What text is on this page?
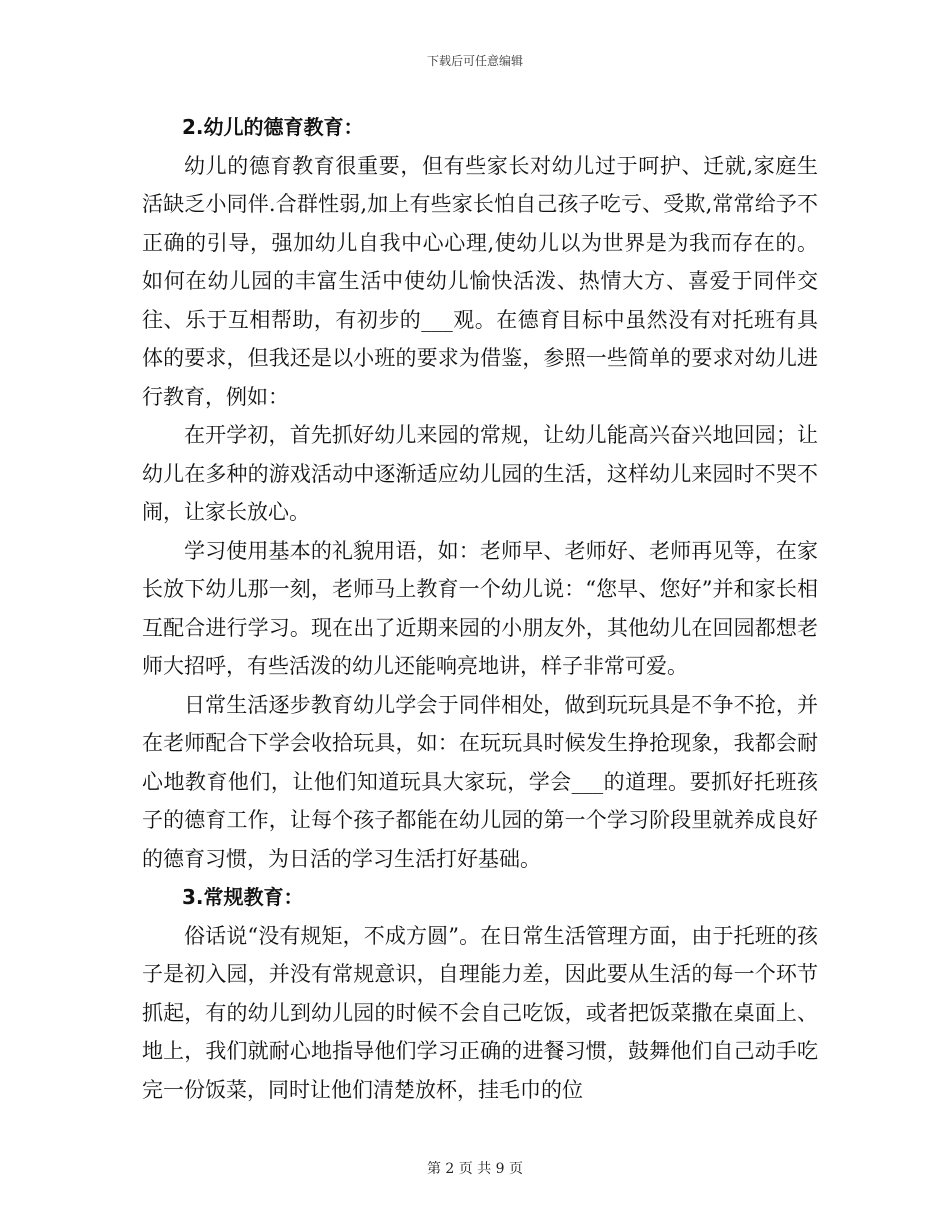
下载后可任意编辑

2.幼儿的德育教育：

幼儿的德育教育很重要，但有些家长对幼儿过于呵护、迁就,家庭生活缺乏小同伴.合群性弱,加上有些家长怕自己孩子吃亏、受欺,常常给予不正确的引导，强加幼儿自我中心心理,使幼儿以为世界是为我而存在的。如何在幼儿园的丰富生活中使幼儿愉快活泼、热情大方、喜爱于同伴交往、乐于互相帮助，有初步的___观。在德育目标中虽然没有对托班有具体的要求，但我还是以小班的要求为借鉴，参照一些简单的要求对幼儿进行教育，例如：

在开学初，首先抓好幼儿来园的常规，让幼儿能高兴奋兴地回园；让幼儿在多种的游戏活动中逐渐适应幼儿园的生活，这样幼儿来园时不哭不闹，让家长放心。

学习使用基本的礼貌用语，如：老师早、老师好、老师再见等，在家长放下幼儿那一刻，老师马上教育一个幼儿说：“您早、您好”并和家长相互配合进行学习。现在出了近期来园的小朋友外，其他幼儿在回园都想老师大招呼，有些活泼的幼儿还能响亮地讲，样子非常可爱。

日常生活逐步教育幼儿学会于同伴相处，做到玩玩具是不争不抢，并在老师配合下学会收拾玩具，如：在玩玩具时候发生挣抢现象，我都会耐心地教育他们，让他们知道玩具大家玩，学会___的道理。要抓好托班孩子的德育工作，让每个孩子都能在幼儿园的第一个学习阶段里就养成良好的德育习惯，为日活的学习生活打好基础。

3.常规教育：

俗话说“没有规矩，不成方圆”。在日常生活管理方面，由于托班的孩子是初入园，并没有常规意识，自理能力差，因此要从生活的每一个环节抓起，有的幼儿到幼儿园的时候不会自己吃饭，或者把饭菜撒在桌面上、地上，我们就耐心地指导他们学习正确的进餐习惯，鼓舞他们自己动手吃完一份饭菜，同时让他们清楚放杯，挂毛巾的位

第 2 页 共 9 页
